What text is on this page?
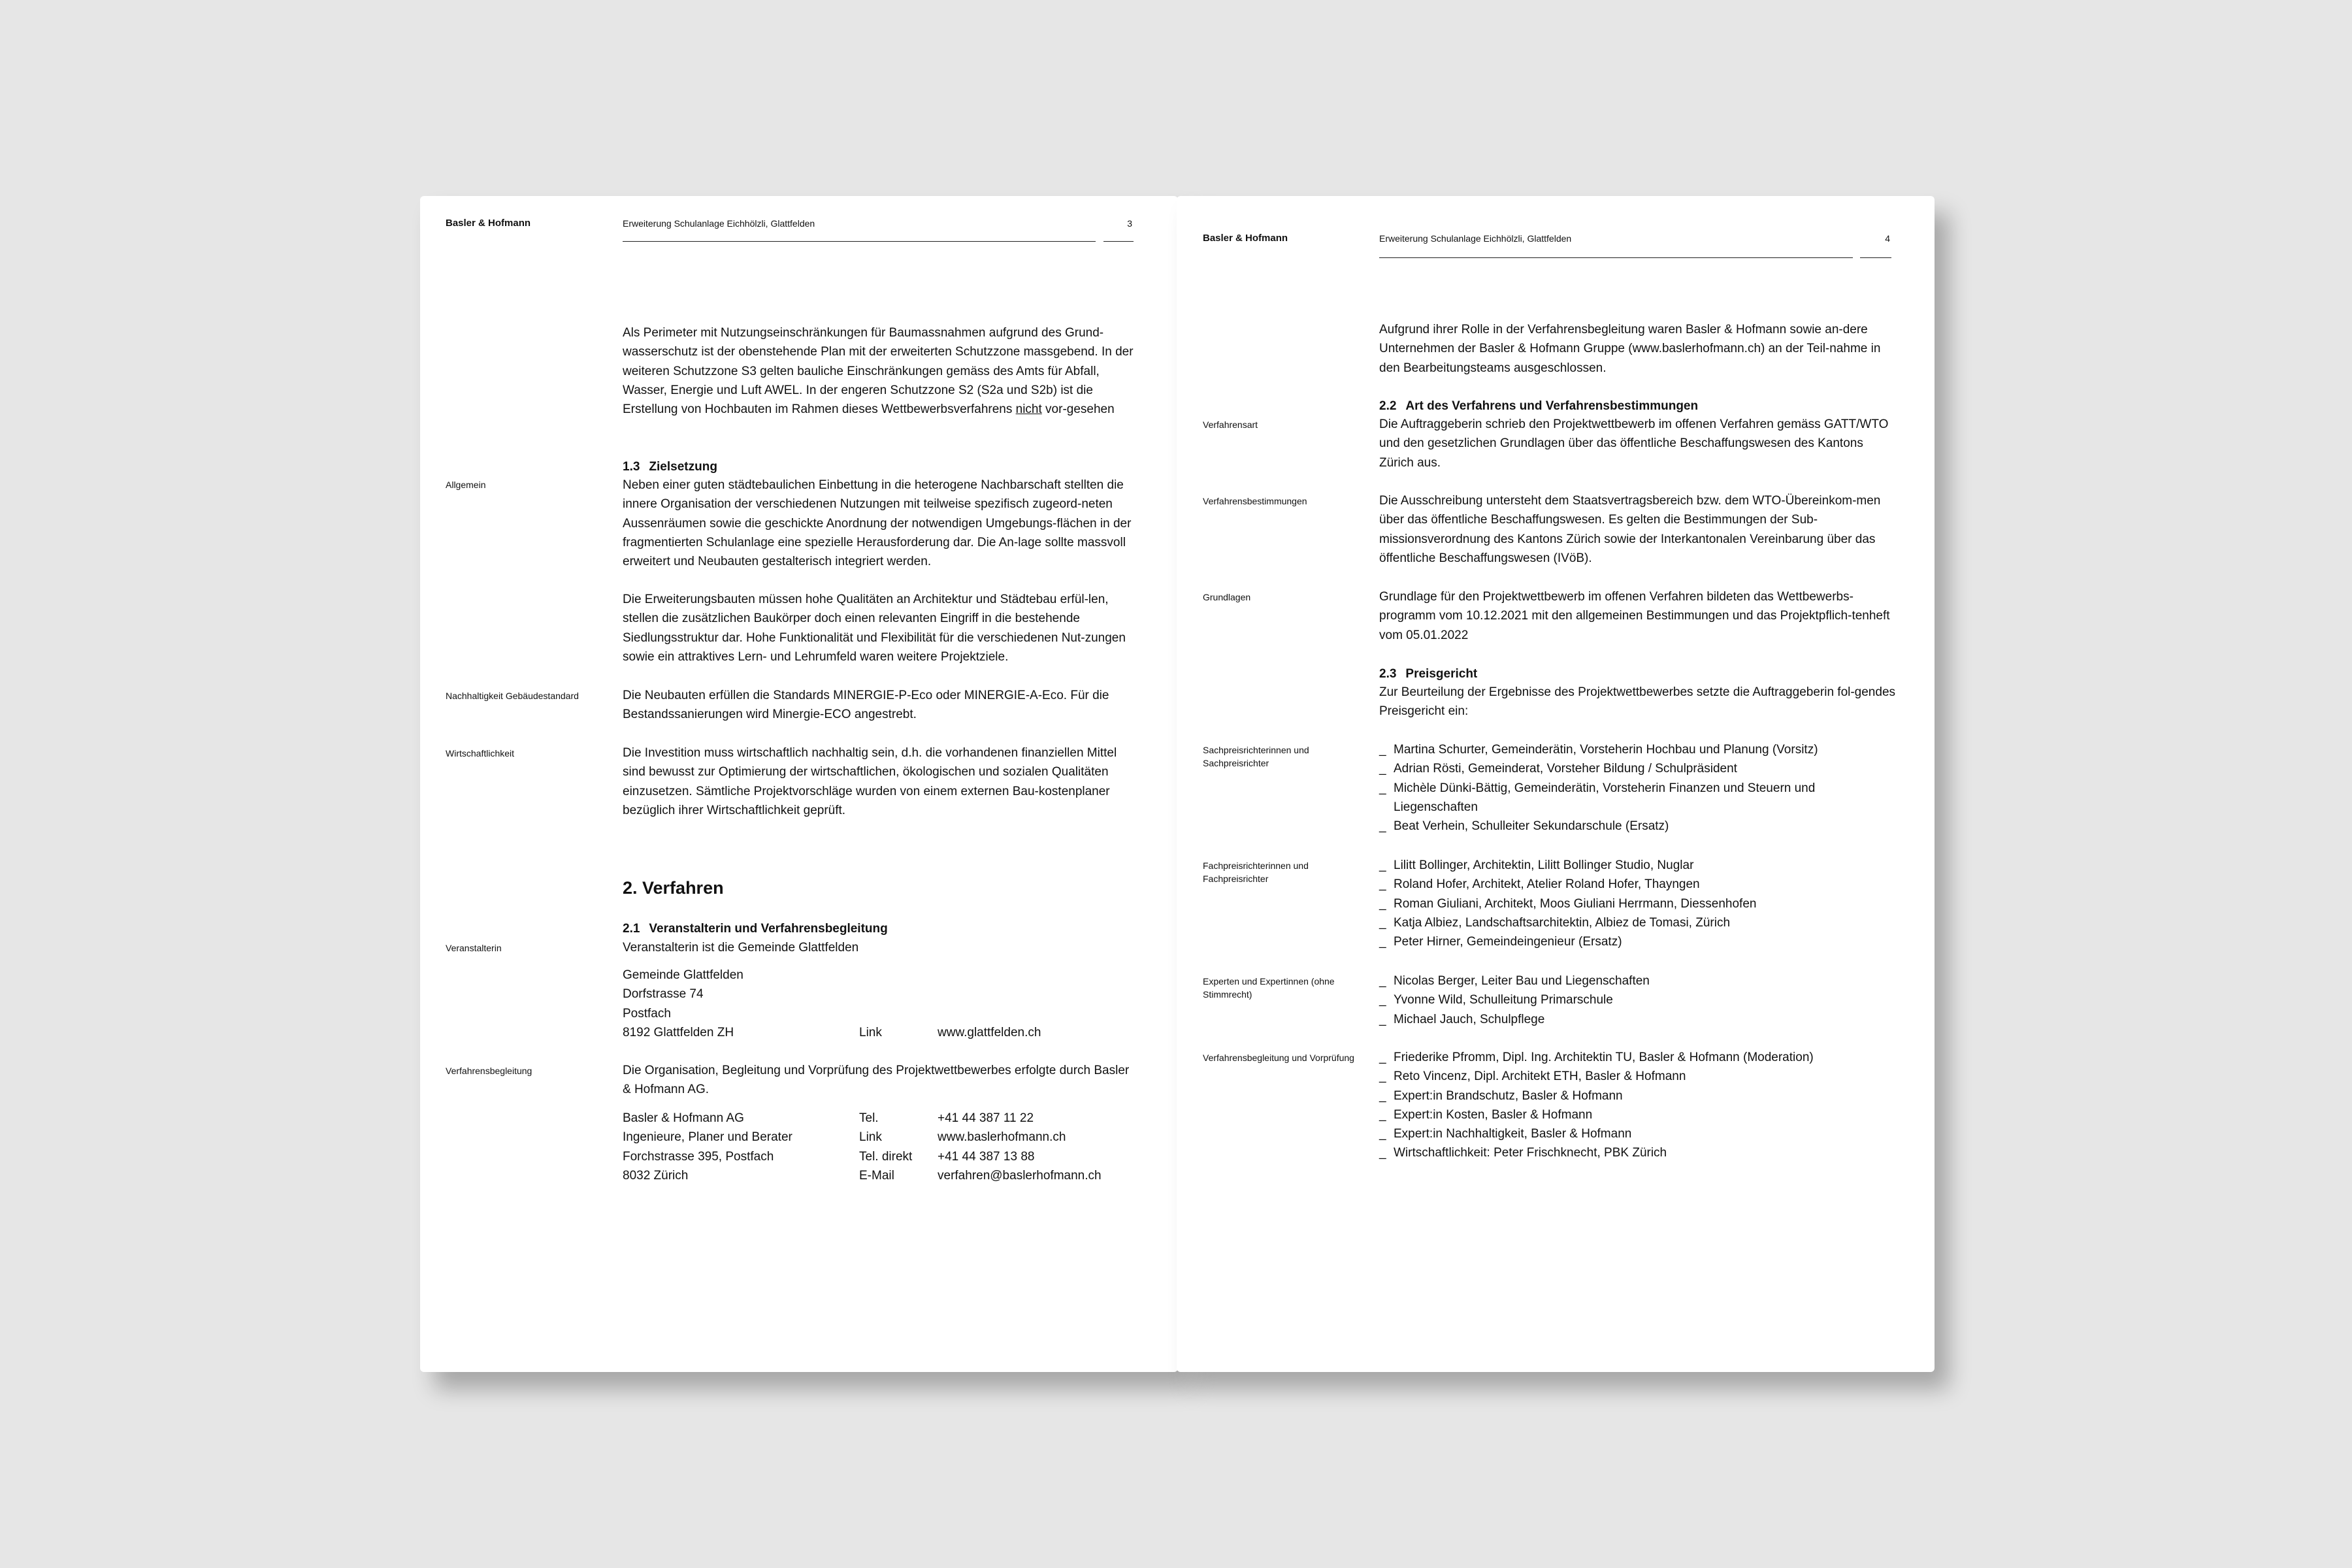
Basler & Hofmann	Erweiterung Schulanlage Eichhölzli, Glattfelden	3

Als Perimeter mit Nutzungseinschränkungen für Baumassnahmen aufgrund des Grund-wasserschutz ist der obenstehende Plan mit der erweiterten Schutzzone massgebend. In der weiteren Schutzzone S3 gelten bauliche Einschränkungen gemäss des Amts für Abfall, Wasser, Energie und Luft AWEL. In der engeren Schutzzone S2 (S2a und S2b) ist die Erstellung von Hochbauten im Rahmen dieses Wettbewerbsverfahrens nicht vor-gesehen

1.3 Zielsetzung

Allgemein	Neben einer guten städtebaulichen Einbettung in die heterogene Nachbarschaft stellten die innere Organisation der verschiedenen Nutzungen mit teilweise spezifisch zugeord-neten Aussenräumen sowie die geschickte Anordnung der notwendigen Umgebungs-flächen in der fragmentierten Schulanlage eine spezielle Herausforderung dar. Die An-lage sollte massvoll erweitert und Neubauten gestalterisch integriert werden.

Die Erweiterungsbauten müssen hohe Qualitäten an Architektur und Städtebau erfül-len, stellen die zusätzlichen Baukörper doch einen relevanten Eingriff in die bestehende Siedlungsstruktur dar. Hohe Funktionalität und Flexibilität für die verschiedenen Nut-zungen sowie ein attraktives Lern- und Lehrumfeld waren weitere Projektziele.

Nachhaltigkeit Gebäudestandard	Die Neubauten erfüllen die Standards MINERGIE-P-Eco oder MINERGIE-A-Eco. Für die Bestandssanierungen wird Minergie-ECO angestrebt.

Wirtschaftlichkeit	Die Investition muss wirtschaftlich nachhaltig sein, d.h. die vorhandenen finanziellen Mittel sind bewusst zur Optimierung der wirtschaftlichen, ökologischen und sozialen Qualitäten einzusetzen. Sämtliche Projektvorschläge wurden von einem externen Bau-kostenplaner bezüglich ihrer Wirtschaftlichkeit geprüft.

2. Verfahren

2.1 Veranstalterin und Verfahrensbegleitung

Veranstalterin	Veranstalterin ist die Gemeinde Glattfelden

Gemeinde Glattfelden
Dorfstrasse 74
Postfach
8192 Glattfelden ZH	Link	www.glattfelden.ch

Verfahrensbegleitung	Die Organisation, Begleitung und Vorprüfung des Projektwettbewerbes erfolgte durch Basler & Hofmann AG.

Basler & Hofmann AG	Tel.	+41 44 387 11 22
Ingenieure, Planer und Berater	Link	www.baslerhofmann.ch
Forchstrasse 395, Postfach	Tel. direkt +41 44 387 13 88
8032 Zürich	E-Mail	verfahren@baslerhofmann.ch
Basler & Hofmann	Erweiterung Schulanlage Eichhölzli, Glattfelden	4

Aufgrund ihrer Rolle in der Verfahrensbegleitung waren Basler & Hofmann sowie an-dere Unternehmen der Basler & Hofmann Gruppe (www.baslerhofmann.ch) an der Teil-nahme in den Bearbeitungsteams ausgeschlossen.

2.2 Art des Verfahrens und Verfahrensbestimmungen

Verfahrensart	Die Auftraggeberin schrieb den Projektwettbewerb im offenen Verfahren gemäss GATT/WTO und den gesetzlichen Grundlagen über das öffentliche Beschaffungswesen des Kantons Zürich aus.

Verfahrensbestimmungen	Die Ausschreibung untersteht dem Staatsvertragsbereich bzw. dem WTO-Übereinkom-men über das öffentliche Beschaffungswesen. Es gelten die Bestimmungen der Sub-missionsverordnung des Kantons Zürich sowie der Interkantonalen Vereinbarung über das öffentliche Beschaffungswesen (IVöB).

Grundlagen	Grundlage für den Projektwettbewerb im offenen Verfahren bildeten das Wettbewerbs-programm vom 10.12.2021 mit den allgemeinen Bestimmungen und das Projektpflich-tenheft vom 05.01.2022

2.3 Preisgericht

Zur Beurteilung der Ergebnisse des Projektwettbewerbes setzte die Auftraggeberin fol-gendes Preisgericht ein:

Sachpreisrichterinnen und Sachpreisrichter

_ Martina Schurter, Gemeinderätin, Vorsteherin Hochbau und Planung (Vorsitz)
_ Adrian Rösti, Gemeinderat, Vorsteher Bildung / Schulpräsident
_ Michèle Dünki-Bättig, Gemeinderätin, Vorsteherin Finanzen und Steuern und Liegenschaften
_ Beat Verhein, Schulleiter Sekundarschule (Ersatz)

Fachpreisrichterinnen und Fachpreisrichter

_ Lilitt Bollinger, Architektin, Lilitt Bollinger Studio, Nuglar
_ Roland Hofer, Architekt, Atelier Roland Hofer, Thayngen
_ Roman Giuliani, Architekt, Moos Giuliani Herrmann, Diessenhofen
_ Katja Albiez, Landschaftsarchitektin, Albiez de Tomasi, Zürich
_ Peter Hirner, Gemeindeingenieur (Ersatz)

Experten und Expertinnen (ohne Stimmrecht)

_ Nicolas Berger, Leiter Bau und Liegenschaften
_ Yvonne Wild, Schulleitung Primarschule
_ Michael Jauch, Schulpflege

Verfahrensbegleitung und Vorprüfung

_	Friederike Pfromm, Dipl. Ing. Architektin TU, Basler & Hofmann (Moderation)
_ Reto Vincenz, Dipl. Architekt ETH, Basler & Hofmann
_ Expert:in Brandschutz, Basler & Hofmann
_ Expert:in Kosten, Basler & Hofmann
_ Expert:in Nachhaltigkeit, Basler & Hofmann
_ Wirtschaftlichkeit: Peter Frischknecht, PBK Zürich
